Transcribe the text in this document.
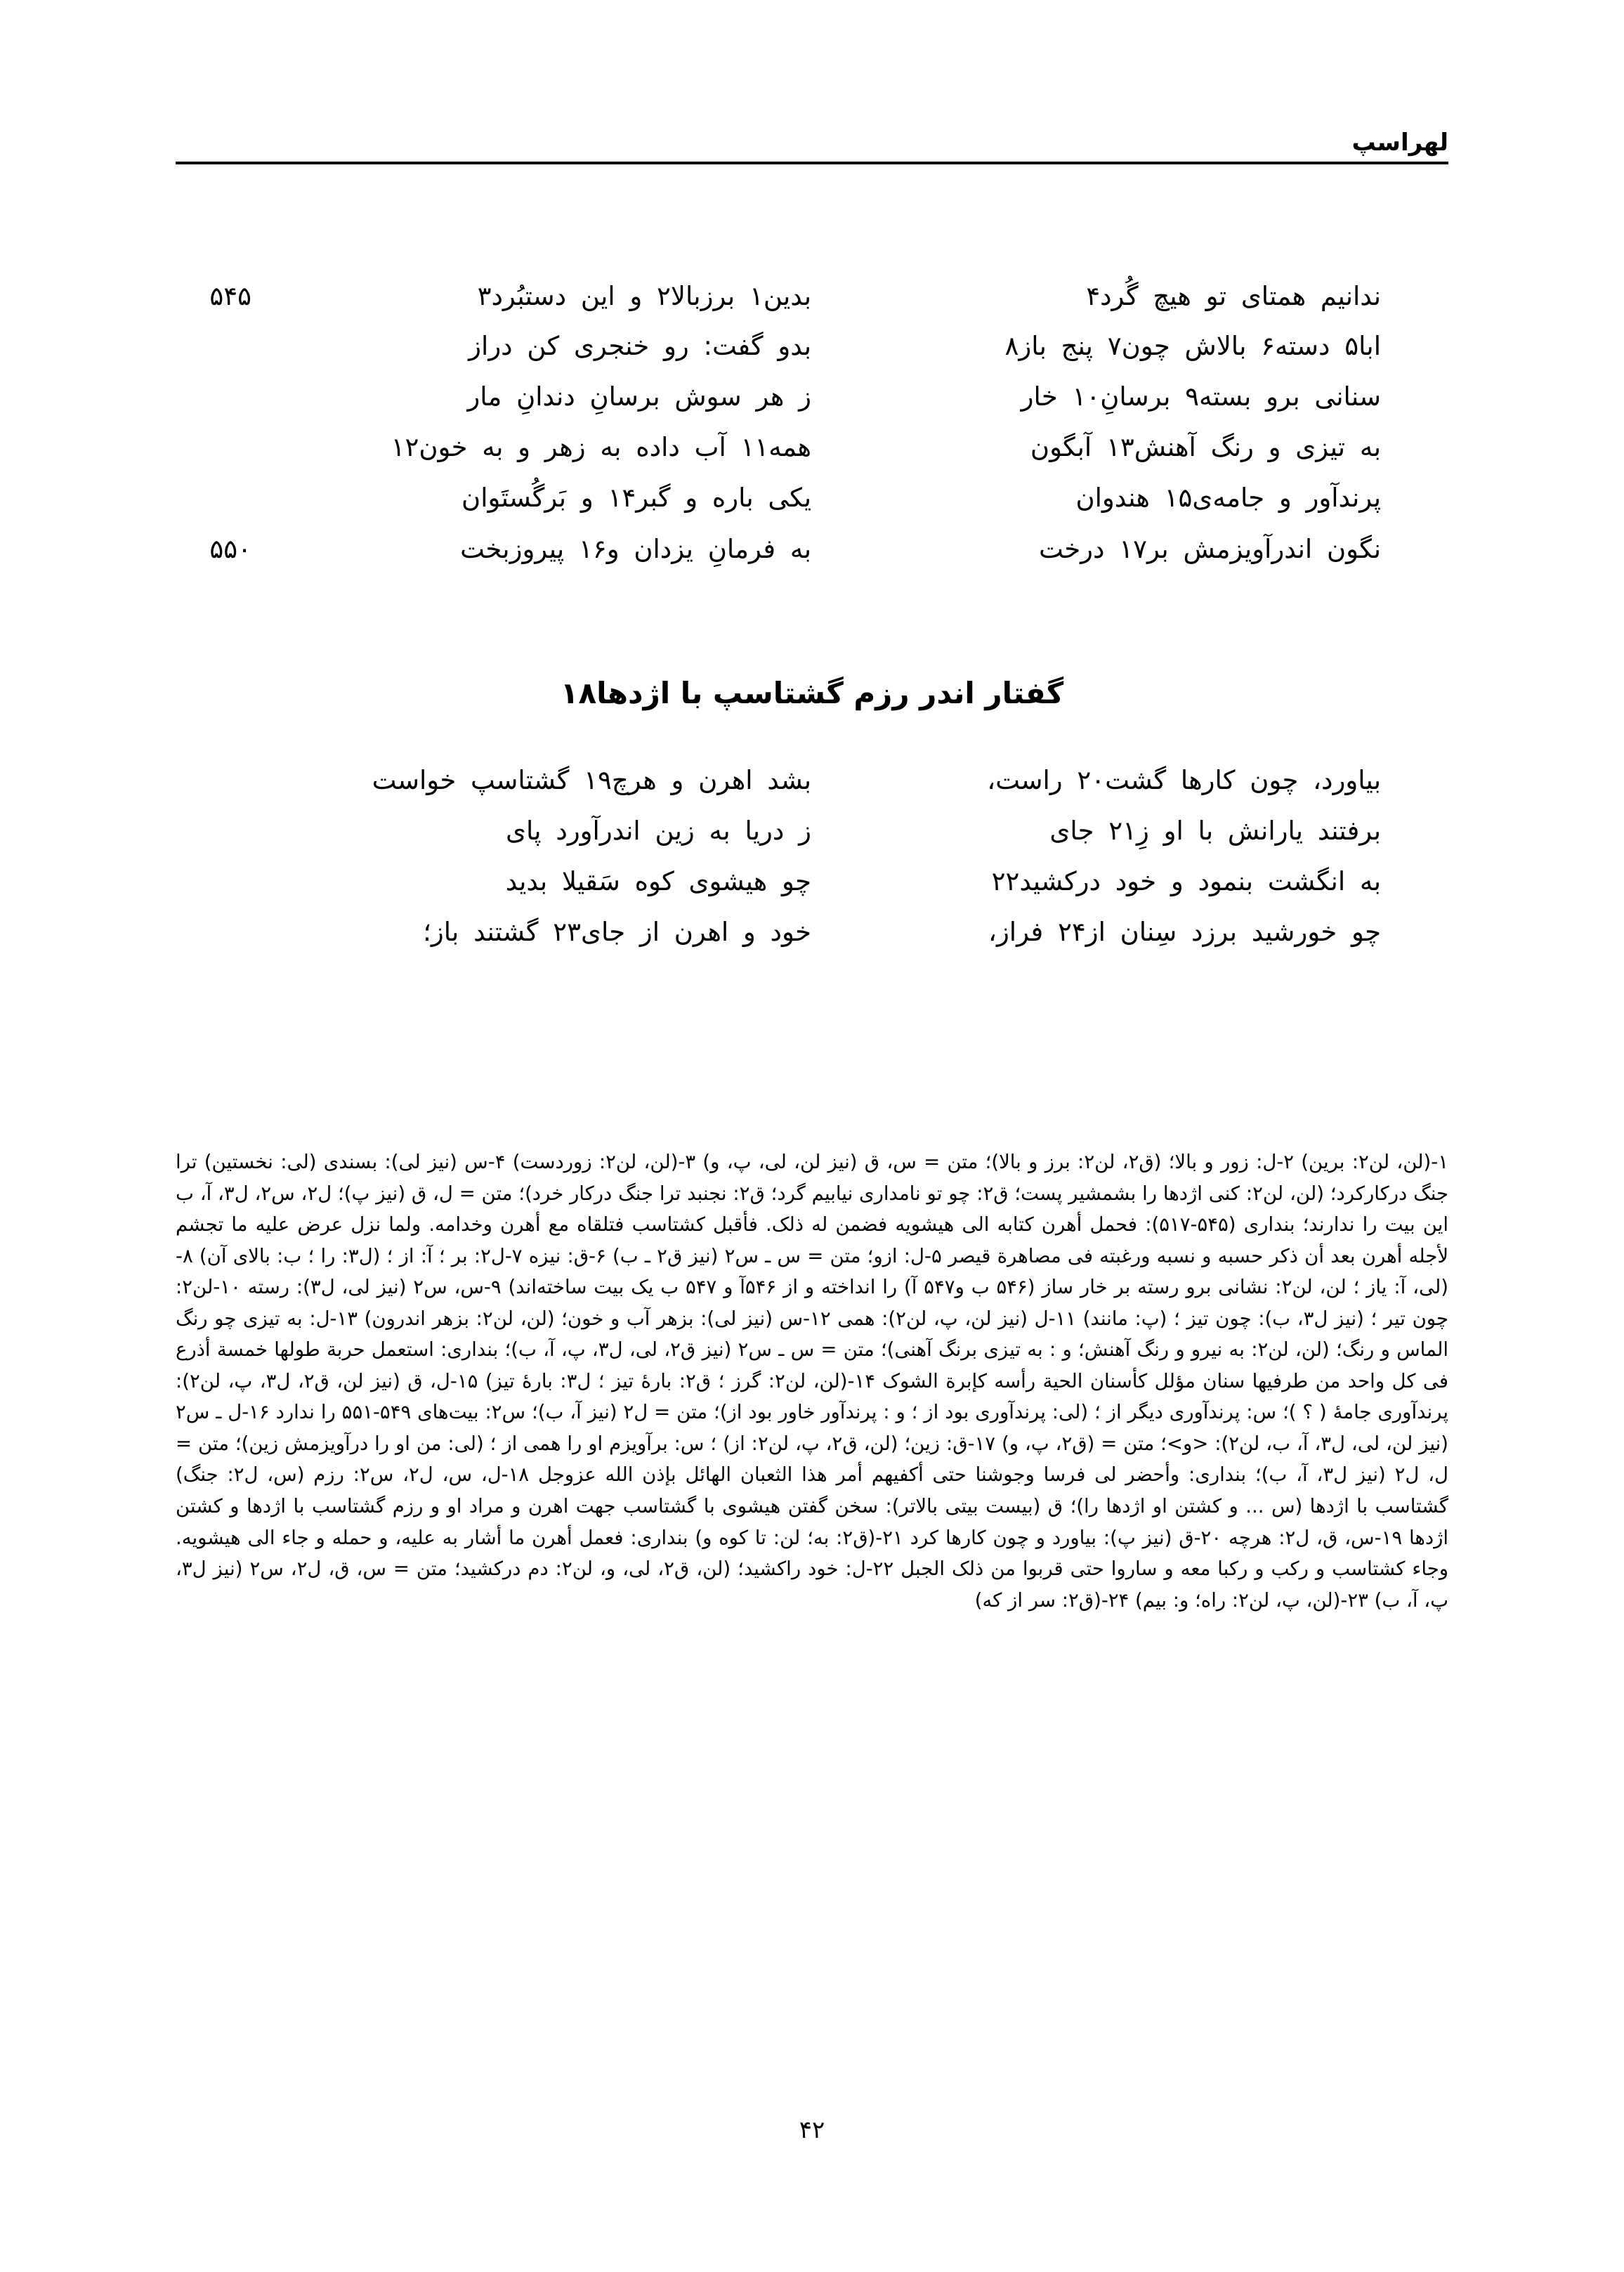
لهراسپ
ندانیم همتای تو هیچ گُرد۴
بدین۱ برزبالا۲ و این دستبُرد۳
۵۴۵
ابا۵ دسته۶ بالاش چون۷ پنج باز۸
بدو گفت: رو خنجری کن دراز
سنانی برو بسته۹ برسانِ۱۰ خار
ز هر سوش برسانِ دندانِ مار
به تیزی و رنگ آهنش۱۳ آبگون
همه۱۱ آب داده به زهر و به خون۱۲
پرندآور و جامه‌ی۱۵ هندوان
یکی باره و گبر۱۴ و بَرگُستَوان
نگون اندرآویزمش بر۱۷ درخت
به فرمانِ یزدان و۱۶ پیروزبخت
۵۵۰
گفتار اندر رزم گشتاسپ با اژدها۱۸
بیاورد، چون کارها گشت۲۰ راست،
بشد اهرن و هرچ۱۹ گشتاسپ خواست
برفتند یارانش با او زِ۲۱ جای
ز دریا به زین اندرآورد پای
به انگشت بنمود و خود درکشید۲۲
چو هیشوی کوه سَقیلا بدید
چو خورشید برزد سِنان از۲۴ فراز،
خود و اهرن از جای۲۳ گشتند باز؛

۱-(لن، لن۲: برین) ۲-ل: زور و بالا؛ (ق۲، لن۲: برز و بالا)؛ متن = س، ق (نیز لن، لی، پ، و) ۳-(لن، لن۲: زوردست) ۴-س (نیز لی): بسندی (لی: نخستین) ترا جنگ درکارکرد؛ (لن، لن۲: کنی اژدها را بشمشیر پست؛ ق۲: چو تو نامداری نیابیم گرد؛ ق۲: نجنبد ترا جنگ درکار خرد)؛ متن = ل، ق (نیز پ)؛ ل۲، س۲، ل۳، آ، ب این بیت را ندارند؛ بنداری (۵۴۵-۵۱۷): فحمل أهرن کتابه الی هیشویه فضمن له ذلک. فأقبل کشتاسب فتلقاه مع أهرن وخدامه. ولما نزل عرض علیه ما تجشم لأجله أهرن بعد أن ذکر حسبه و نسبه ورغبته فی مصاهرة قیصر ۵-ل: ازو؛ متن = س ـ س۲ (نیز ق۲ ـ ب) ۶-ق: نیزه ۷-ل۲: بر ؛ آ: از ؛ (ل۳: را ؛ ب: بالای آن) ۸-(لی، آ: یاز ؛ لن، لن۲: نشانی برو رسته بر خار ساز (۵۴۶ ب و۵۴۷ آ) را انداخته و از ۵۴۶آ و ۵۴۷ ب یک بیت ساخته‌اند) ۹-س، س۲ (نیز لی، ل۳): رسته ۱۰-لن۲: چون تیر ؛ (نیز ل۳، ب): چون تیز ؛ (پ: مانند) ۱۱-ل (نیز لن، پ، لن۲): همی ۱۲-س (نیز لی): بزهر آب و خون؛ (لن، لن۲: بزهر اندرون) ۱۳-ل: به تیزی چو رنگ الماس و رنگ؛ (لن، لن۲: به نیرو و رنگ آهنش؛ و : به تیزی برنگ آهنی)؛ متن = س ـ س۲ (نیز ق۲، لی، ل۳، پ، آ، ب)؛ بنداری: استعمل حربة طولها خمسة أذرع فی کل واحد من طرفیها سنان مؤلل کأسنان الحیة رأسه کإبرة الشوک ۱۴-(لن، لن۲: گرز ؛ ق۲: بارهٔ تیز ؛ ل۳: بارهٔ تیز) ۱۵-ل، ق (نیز لن، ق۲، ل۳، پ، لن۲): پرندآوری جامهٔ ( ؟ )؛ س: پرندآوری دیگر از ؛ (لی: پرندآوری بود از ؛ و : پرندآور خاور بود از)؛ متن = ل۲ (نیز آ، ب)؛ س۲: بیت‌های ۵۴۹-۵۵۱ را ندارد ۱۶-ل ـ س۲ (نیز لن، لی، ل۳، آ، ب، لن۲): <و>؛ متن = (ق۲، پ، و) ۱۷-ق: زین؛ (لن، ق۲، پ، لن۲: از) ؛ س: برآویزم او را همی از ؛ (لی: من او را درآویزمش زین)؛ متن = ل، ل۲ (نیز ل۳، آ، ب)؛ بنداری: وأحضر لی فرسا وجوشنا حتی أکفیهم أمر هذا الثعبان الهائل بإذن الله عزوجل ۱۸-ل، س، ل۲، س۲: رزم (س، ل۲: جنگ) گشتاسب با اژدها (س ... و کشتن او اژدها را)؛ ق (بیست بیتی بالاتر): سخن گفتن هیشوی با گشتاسب جهت اهرن و مراد او و رزم گشتاسب با اژدها و کشتن اژدها ۱۹-س، ق، ل۲: هرچه ۲۰-ق (نیز پ): بیاورد و چون کارها کرد ۲۱-(ق۲: به؛ لن: تا کوه و) بنداری: فعمل أهرن ما أشار به علیه، و حمله و جاء الی هیشویه. وجاء کشتاسب و رکب و رکبا معه و ساروا حتی قربوا من ذلک الجبل ۲۲-ل: خود راکشید؛ (لن، ق۲، لی، و، لن۲: دم درکشید؛ متن = س، ق، ل۲، س۲ (نیز ل۳، پ، آ، ب) ۲۳-(لن، پ، لن۲: راه؛ و: بیم) ۲۴-(ق۲: سر از که)

۴۲
